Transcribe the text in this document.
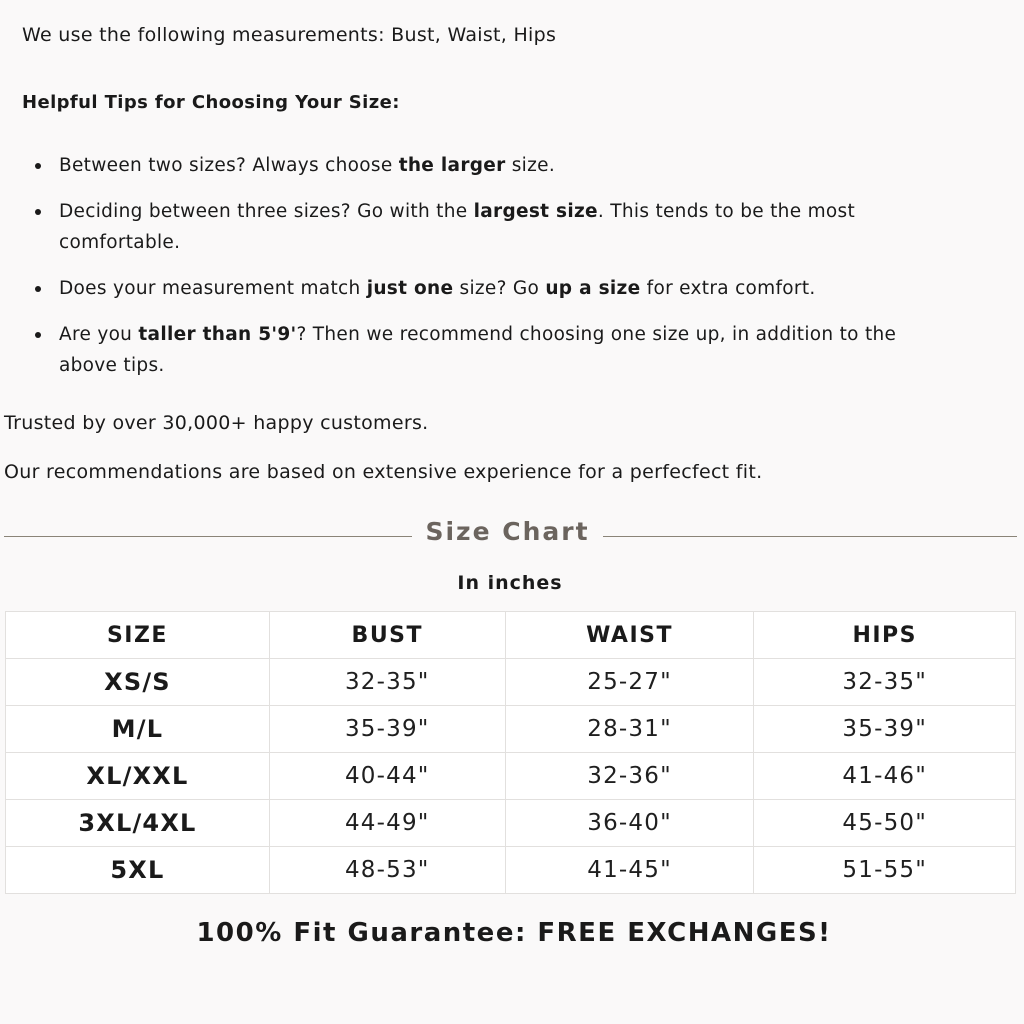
We use the following measurements: Bust, Waist, Hips

Helpful Tips for Choosing Your Size:

Between two sizes? Always choose the larger size.
Deciding between three sizes? Go with the largest size. This tends to be the most comfortable.
Does your measurement match just one size? Go up a size for extra comfort.
Are you taller than 5'9'? Then we recommend choosing one size up, in addition to the above tips.

Trusted by over 30,000+ happy customers.

Our recommendations are based on extensive experience for a perfecfect fit.

Size Chart

In inches

SIZE	BUST	WAIST	HIPS
XS/S	32-35"	25-27"	32-35"
M/L	35-39"	28-31"	35-39"
XL/XXL	40-44"	32-36"	41-46"
3XL/4XL	44-49"	36-40"	45-50"
5XL	48-53"	41-45"	51-55"

100% Fit Guarantee: FREE EXCHANGES!
